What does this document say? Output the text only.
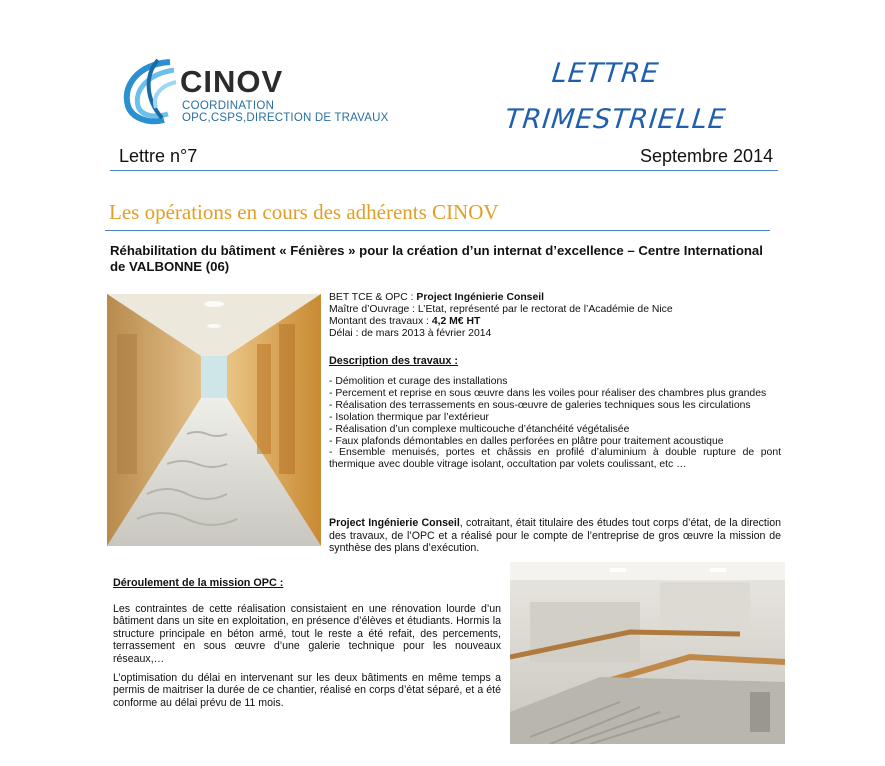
CINOV
COORDINATION
OPC,CSPS,DIRECTION DE TRAVAUX
LETTRE
TRIMESTRIELLE
Lettre n°7	Septembre 2014
Les opérations en cours des adhérents CINOV
Réhabilitation du bâtiment « Fénières » pour la création d’un internat d’excellence – Centre International de VALBONNE (06)
BET TCE & OPC : Project Ingénierie Conseil
Maître d’Ouvrage : L’Etat, représenté par le rectorat de l’Académie de Nice
Montant des travaux : 4,2 M€ HT
Délai : de mars 2013 à février 2014
Description des travaux :

- Démolition et curage des installations

- Percement et reprise en sous œuvre dans les voiles pour réaliser des chambres plus grandes

- Réalisation des terrassements en sous-œuvre de galeries techniques sous les circulations

- Isolation thermique par l’extérieur

- Réalisation d’un complexe multicouche d’étanchéité végétalisée

- Faux plafonds démontables en dalles perforées en plâtre pour traitement acoustique

- Ensemble menuisés, portes et châssis en profilé d’aluminium à double rupture de pont thermique avec double vitrage isolant, occultation par volets coulissant, etc …

Project Ingénierie Conseil, cotraitant, était titulaire des études tout corps d’état, de la direction des travaux, de l’OPC et a réalisé pour le compte de l’entreprise de gros œuvre la mission de synthèse des plans d’exécution.
Déroulement de la mission OPC :
Les contraintes de cette réalisation consistaient en une rénovation lourde d’un bâtiment dans un site en exploitation, en présence d’élèves et étudiants. Hormis la structure principale en béton armé, tout le reste a été refait, des percements, terrassement en sous œuvre d’une galerie technique pour les nouveaux réseaux,…
L’optimisation du délai en intervenant sur les deux bâtiments en même temps a permis de maitriser la durée de ce chantier, réalisé en corps d’état séparé, et a été conforme au délai prévu de 11 mois.
